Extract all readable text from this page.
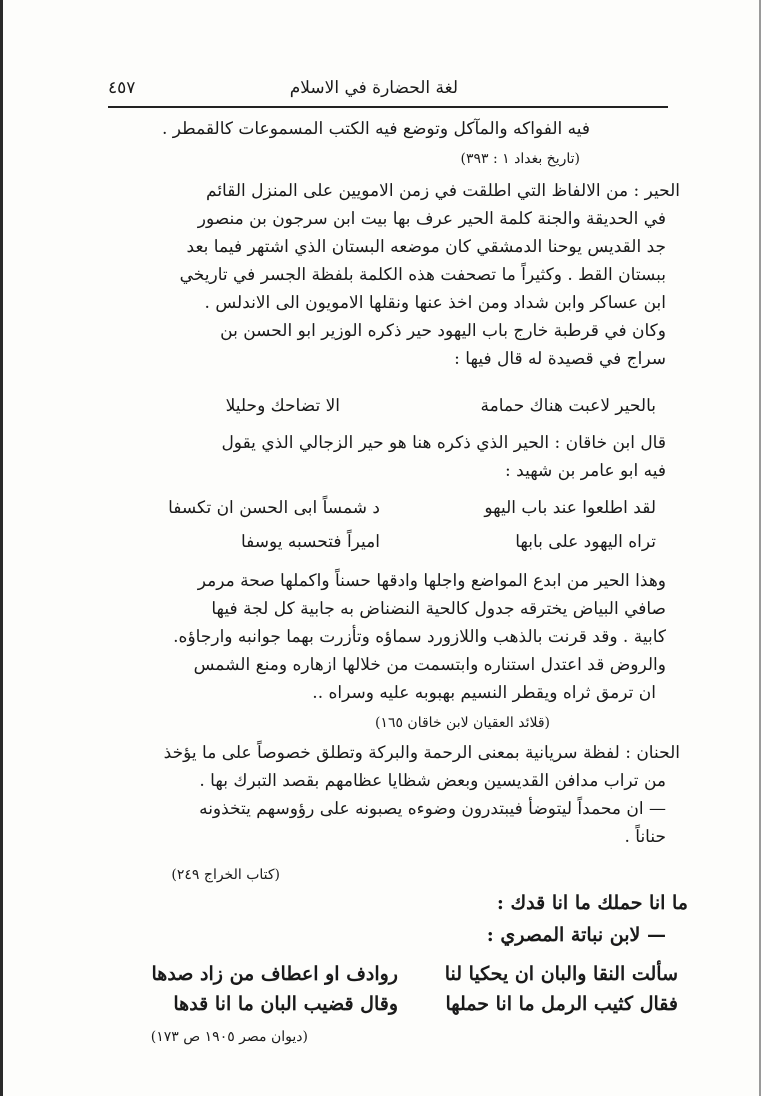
لغة الحضارة في الاسلام
٤٥٧
فيه الفواكه والمآكل وتوضع فيه الكتب المسموعات كالقمطر .
(تاريخ بغداد ١ : ٣٩٣)
الحير : من الالفاظ التي اطلقت في زمن الامويين على المنزل القائم
في الحديقة والجنة كلمة الحير عرف بها بيت ابن سرجون بن منصور
جد القديس يوحنا الدمشقي كان موضعه البستان الذي اشتهر فيما بعد
ببستان القط . وكثيراً ما تصحفت هذه الكلمة بلفظة الجسر في تاريخي
ابن عساكر وابن شداد ومن اخذ عنها ونقلها الامويون الى الاندلس .
وكان في قرطبة خارج باب اليهود حير ذكره الوزير ابو الحسن بن
سراج في قصيدة له قال فيها :
بالحير لاعبت هناك حمامة
الا تضاحك وحليلا
قال ابن خاقان : الحير الذي ذكره هنا هو حير الزجالي الذي يقول
فيه ابو عامر بن شهيد :
لقد اطلعوا عند باب اليهو
د شمساً ابى الحسن ان تكسفا
تراه اليهود على بابها
اميراً فتحسبه يوسفا
وهذا الحير من ابدع المواضع واجلها وادقها حسناً واكملها صحة مرمر
صافي البياض يخترقه جدول كالحية النضناض به جابية كل لجة فيها
كابية . وقد قرنت بالذهب واللازورد سماؤه وتأزرت بهما جوانبه وارجاؤه.
والروض قد اعتدل استناره وابتسمت من خلالها ازهاره ومنع الشمس
ان ترمق ثراه ويقطر النسيم بهبوبه عليه وسراه ..
(قلائد العقيان لابن خاقان ١٦٥)
الحنان : لفظة سريانية بمعنى الرحمة والبركة وتطلق خصوصاً على ما يؤخذ
من تراب مدافن القديسين وبعض شظايا عظامهم بقصد التبرك بها .
— ان محمداً ليتوضأ فيبتدرون وضوءه يصبونه على رؤوسهم يتخذونه
حناناً .
(كتاب الخراج ٢٤٩)
ما انا حملك ما انا قدك :
— لابن نباتة المصري :
سألت النقا والبان ان يحكيا لنا
روادف او اعطاف من زاد صدها
فقال كثيب الرمل ما انا حملها
وقال قضيب البان ما انا قدها
(ديوان مصر ١٩٠٥ ص ١٧٣)
